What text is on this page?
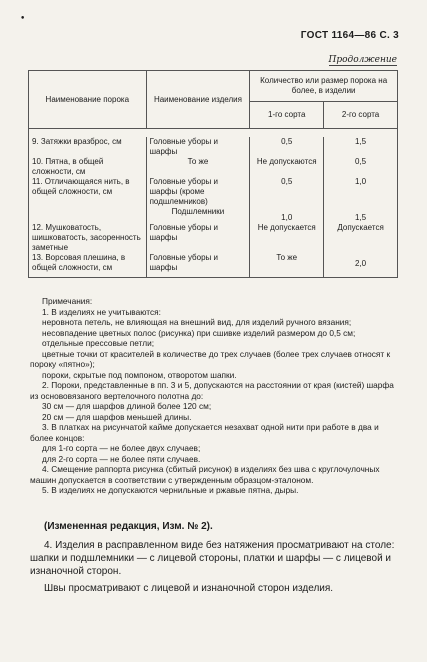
•
ГОСТ 1164—86 С. 3
Продолжение
Наименование порока	Наименование изделия	Количество или размер порока на более, в изделии	
		1-го сорта	2-го сорта

9. Затяжки вразброс, см	Головные уборы и шарфы	0,5	1,5
10. Пятна, в общей сложности, см	То же	Не допускаются	0,5
11. Отличающаяся нить, в общей сложности, см	Головные уборы и шарфы (кроме подшлемников)	0,5	1,0
	Подшлемники	1,0	1,5
12. Мушковатость, шишковатость, засоренность заметные	Головные уборы и шарфы	Не допускается	Допускается
13. Ворсовая плешина, в общей сложности, см	Головные уборы и шарфы	То же	2,0

Примечания:

1. В изделиях не учитываются:

неровнота петель, не влияющая на внешний вид, для изделий ручного вязания;

несовпадение цветных полос (рисунка) при сшивке изделий размером до 0,5 см;

отдельные прессовые петли;

цветные точки от красителей в количестве до трех случаев (более трех случаев относят к пороку «пятно»);

пороки, скрытые под помпоном, отворотом шапки.

2. Пороки, представленные в пп. 3 и 5, допускаются на расстоянии от края (кистей) шарфа из основовязаного вертелочного полотна до:

30 см — для шарфов длиной более 120 см;

20 см — для шарфов меньшей длины.

3. В платках на рисунчатой кайме допускается незахват одной нити при работе в два и более концов:

для 1-го сорта — не более двух случаев;

для 2-го сорта — не более пяти случаев.

4. Смещение раппорта рисунка (сбитый рисунок) в изделиях без шва с круглочулочных машин допускается в соответствии с утвержденным образцом-эталоном.

5. В изделиях не допускаются чернильные и ржавые пятна, дыры.

(Измененная редакция, Изм. № 2).

4. Изделия в расправленном виде без натяжения просматривают на столе: шапки и подшлемники — с лицевой стороны, платки и шарфы — с лицевой и изнаночной сторон.

Швы просматривают с лицевой и изнаночной сторон изделия.
